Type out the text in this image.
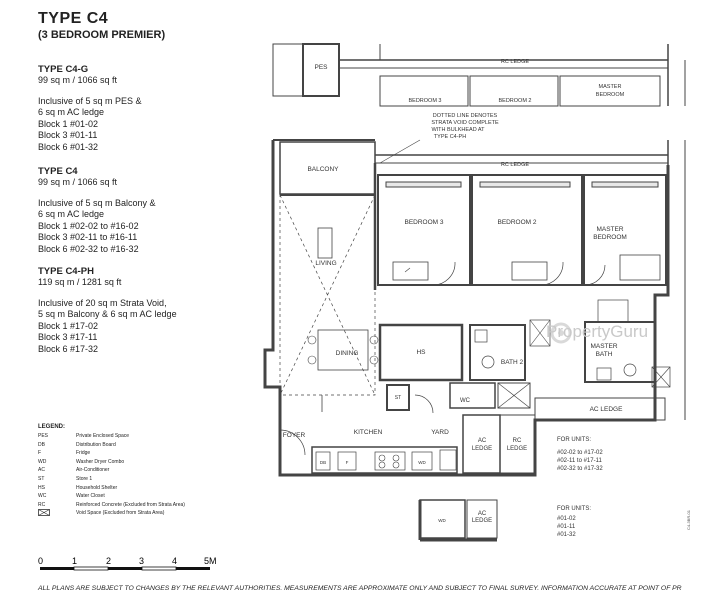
TYPE C4
(3 BEDROOM PREMIER)
TYPE C4-G
99 sq m / 1066 sq ft
Inclusive of 5 sq m PES &
6 sq m AC ledge
Block 1 #01-02
Block 3 #01-11
Block 6 #01-32
TYPE C4
99 sq m / 1066 sq ft
Inclusive of 5 sq m Balcony &
6 sq m AC ledge
Block 1 #02-02 to #16-02
Block 3 #02-11 to #16-11
Block 6 #02-32 to #16-32
TYPE C4-PH
119 sq m / 1281 sq ft
Inclusive of 20 sq m Strata Void,
5 sq m Balcony & 6 sq m AC ledge
Block 1 #17-02
Block 3 #17-11
Block 6 #17-32
LEGEND:
PES	Private Enclosed Space
DB	Distribution Board
F	Fridge
WD	Washer Dryer Combo
AC	Air-Conditioner
ST	Store 1
HS	Household Shelter
WC	Water Closet
RC	Reinforced Concrete (Excluded from Strata Area)
Void Space (Excluded from Strata Area)
0	1	2	3	4	5M
PES
RC LEDGE
BEDROOM 3	BEDROOM 2
MASTER
BEDROOM
DOTTED LINE DENOTES
STRATA VOID COMPLETE
WITH BULKHEAD AT
TYPE C4-PH
BALCONY
RC LEDGE
BEDROOM 3	BEDROOM 2
MASTER
BEDROOM
LIVING
DINING	HS
BATH 2
MASTER
BATH
AC LEDGE
ST	WC
FOYER	KITCHEN	YARD
AC
LEDGE
RC
LEDGE
DB	F	WD
WD
AC
LEDGE
FOR UNITS:
#02-02 to #17-02
#02-11 to #17-11
#02-32 to #17-32
FOR UNITS:
#01-02
#01-11
#01-32
C4-3BR-01
PropertyGuru
ALL PLANS ARE SUBJECT TO CHANGES BY THE RELEVANT AUTHORITIES. MEASUREMENTS ARE APPROXIMATE ONLY AND SUBJECT TO FINAL SURVEY. INFORMATION ACCURATE AT POINT OF PR
